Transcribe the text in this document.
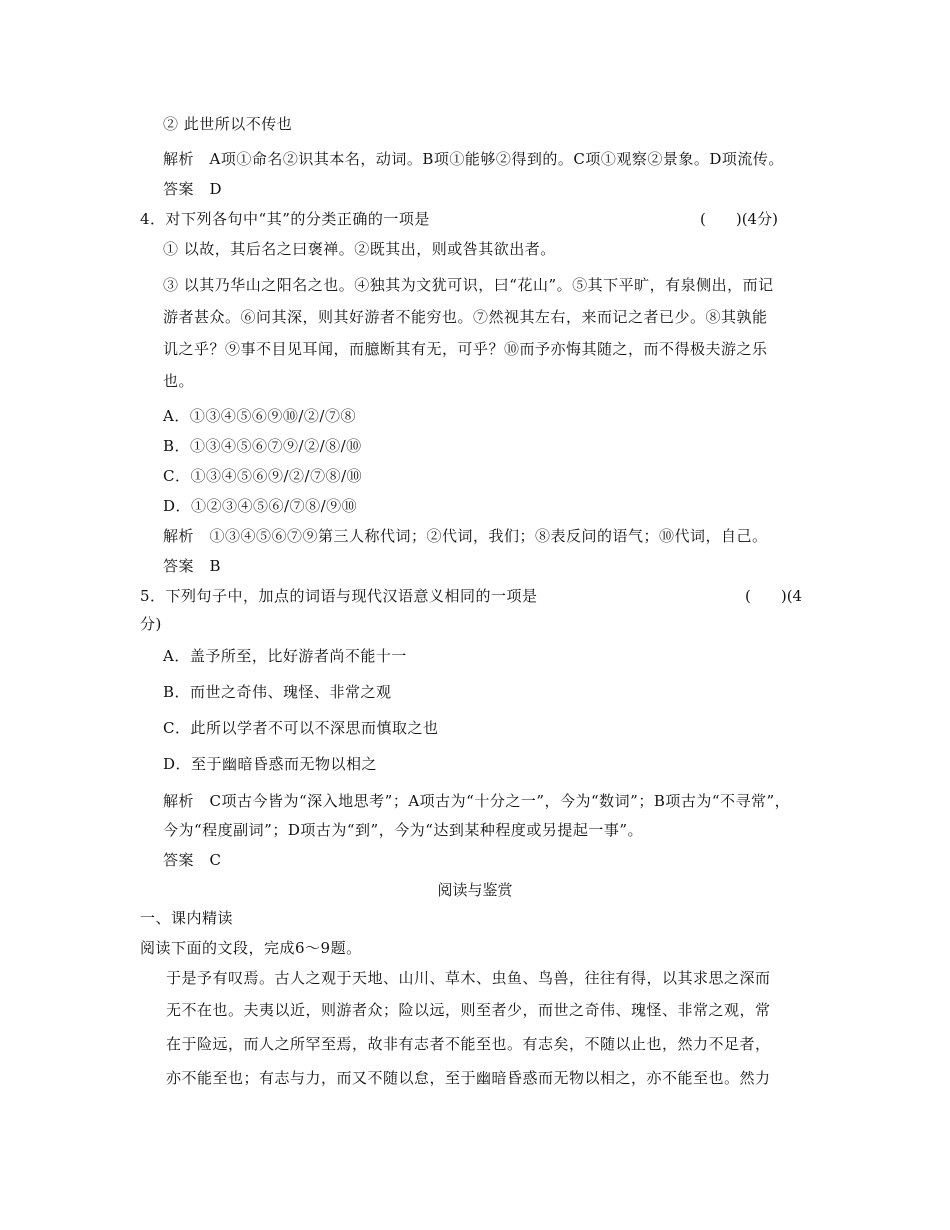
② 此世所以不传也
解析　A项①命名②识其本名，动词。B项①能够②得到的。C项①观察②景象。D项流传。
答案　D
4．对下列各句中“其”的分类正确的一项是	(　　)(4分)
① 以故，其后名之曰褒禅。②既其出，则或咎其欲出者。
③ 以其乃华山之阳名之也。④独其为文犹可识，曰“花山”。⑤其下平旷，有泉侧出，而记
游者甚众。⑥问其深，则其好游者不能穷也。⑦然视其左右，来而记之者已少。⑧其孰能
讥之乎？⑨事不目见耳闻，而臆断其有无，可乎？⑩而予亦悔其随之，而不得极夫游之乐
也。
A．①③④⑤⑥⑨⑩/②/⑦⑧
B．①③④⑤⑥⑦⑨/②/⑧/⑩
C．①③④⑤⑥⑨/②/⑦⑧/⑩
D．①②③④⑤⑥/⑦⑧/⑨⑩
解析　①③④⑤⑥⑦⑨第三人称代词；②代词，我们；⑧表反问的语气；⑩代词，自己。
答案　B
5．下列句子中，加点的词语与现代汉语意义相同的一项是	(　　)(4
分)
A．盖予所至，比好游者尚不能十一
B．而世之奇伟、瑰怪、非常之观
C．此所以学者不可以不深思而慎取之也
D．至于幽暗昏惑而无物以相之
解析　C项古今皆为“深入地思考”；A项古为“十分之一”，今为“数词”；B项古为“不寻常”，
今为“程度副词”；D项古为“到”，今为“达到某种程度或另提起一事”。
答案　C
阅读与鉴赏
一、课内精读
阅读下面的文段，完成6～9题。
于是予有叹焉。古人之观于天地、山川、草木、虫鱼、鸟兽，往往有得，以其求思之深而
无不在也。夫夷以近，则游者众；险以远，则至者少，而世之奇伟、瑰怪、非常之观，常
在于险远，而人之所罕至焉，故非有志者不能至也。有志矣，不随以止也，然力不足者，
亦不能至也；有志与力，而又不随以怠，至于幽暗昏惑而无物以相之，亦不能至也。然力
